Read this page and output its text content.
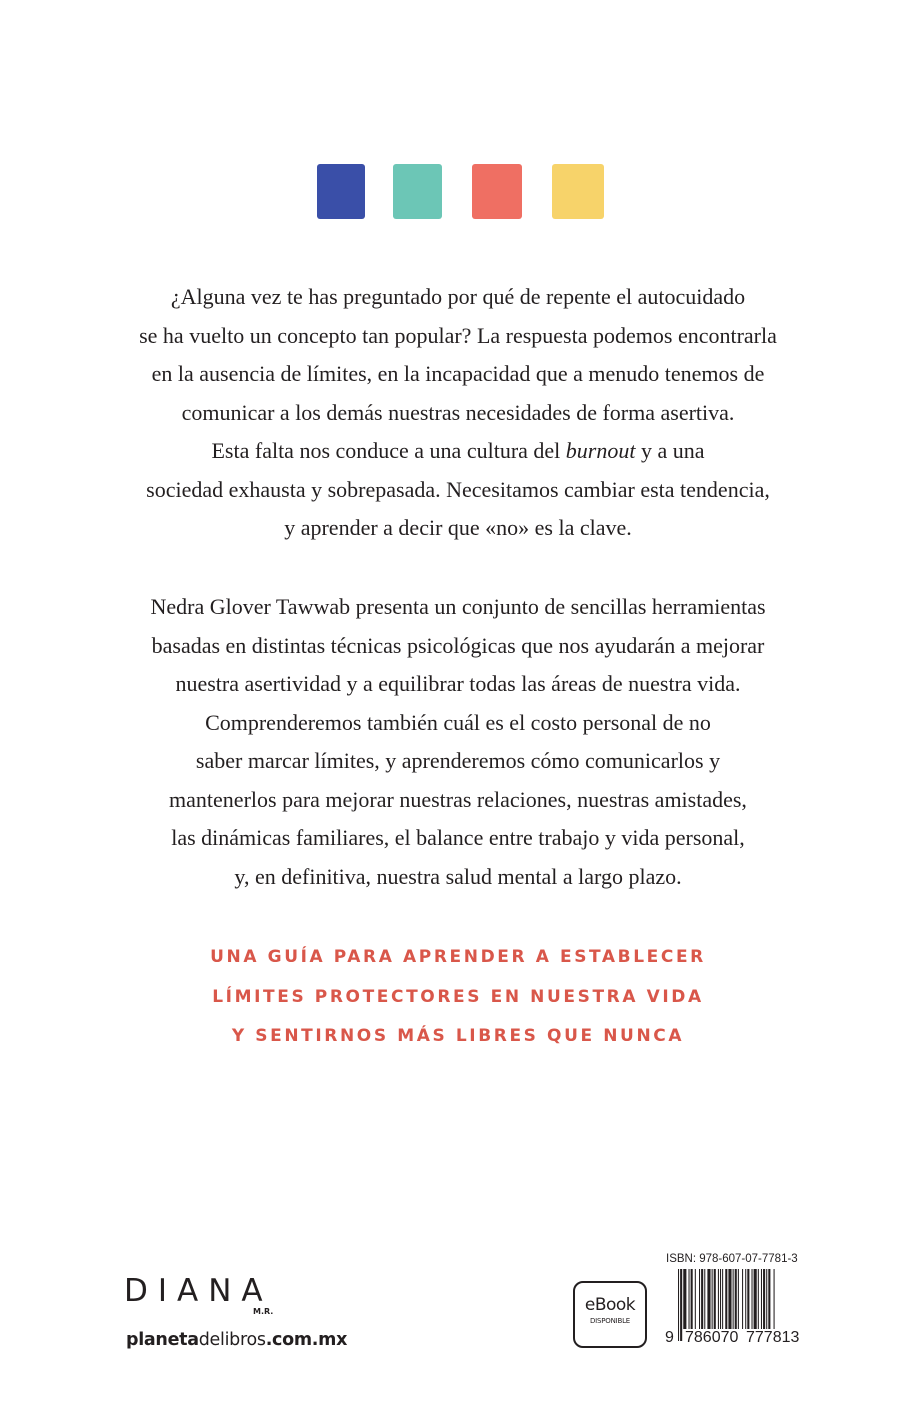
¿Alguna vez te has preguntado por qué de repente el autocuidado
se ha vuelto un concepto tan popular? La respuesta podemos encontrarla
en la ausencia de límites, en la incapacidad que a menudo tenemos de
comunicar a los demás nuestras necesidades de forma asertiva.
Esta falta nos conduce a una cultura del burnout y a una
sociedad exhausta y sobrepasada. Necesitamos cambiar esta tendencia,
y aprender a decir que «no» es la clave.
Nedra Glover Tawwab presenta un conjunto de sencillas herramientas
basadas en distintas técnicas psicológicas que nos ayudarán a mejorar
nuestra asertividad y a equilibrar todas las áreas de nuestra vida.
Comprenderemos también cuál es el costo personal de no
saber marcar límites, y aprenderemos cómo comunicarlos y
mantenerlos para mejorar nuestras relaciones, nuestras amistades,
las dinámicas familiares, el balance entre trabajo y vida personal,
y, en definitiva, nuestra salud mental a largo plazo.
UNA GUÍA PARA APRENDER A ESTABLECER
LÍMITES PROTECTORES EN NUESTRA VIDA
Y SENTIRNOS MÁS LIBRES QUE NUNCA
DIANA
M.R.
planetadelibros.com.mx
eBook
DISPONIBLE
ISBN: 978-607-07-7781-3
9 786070 777813
